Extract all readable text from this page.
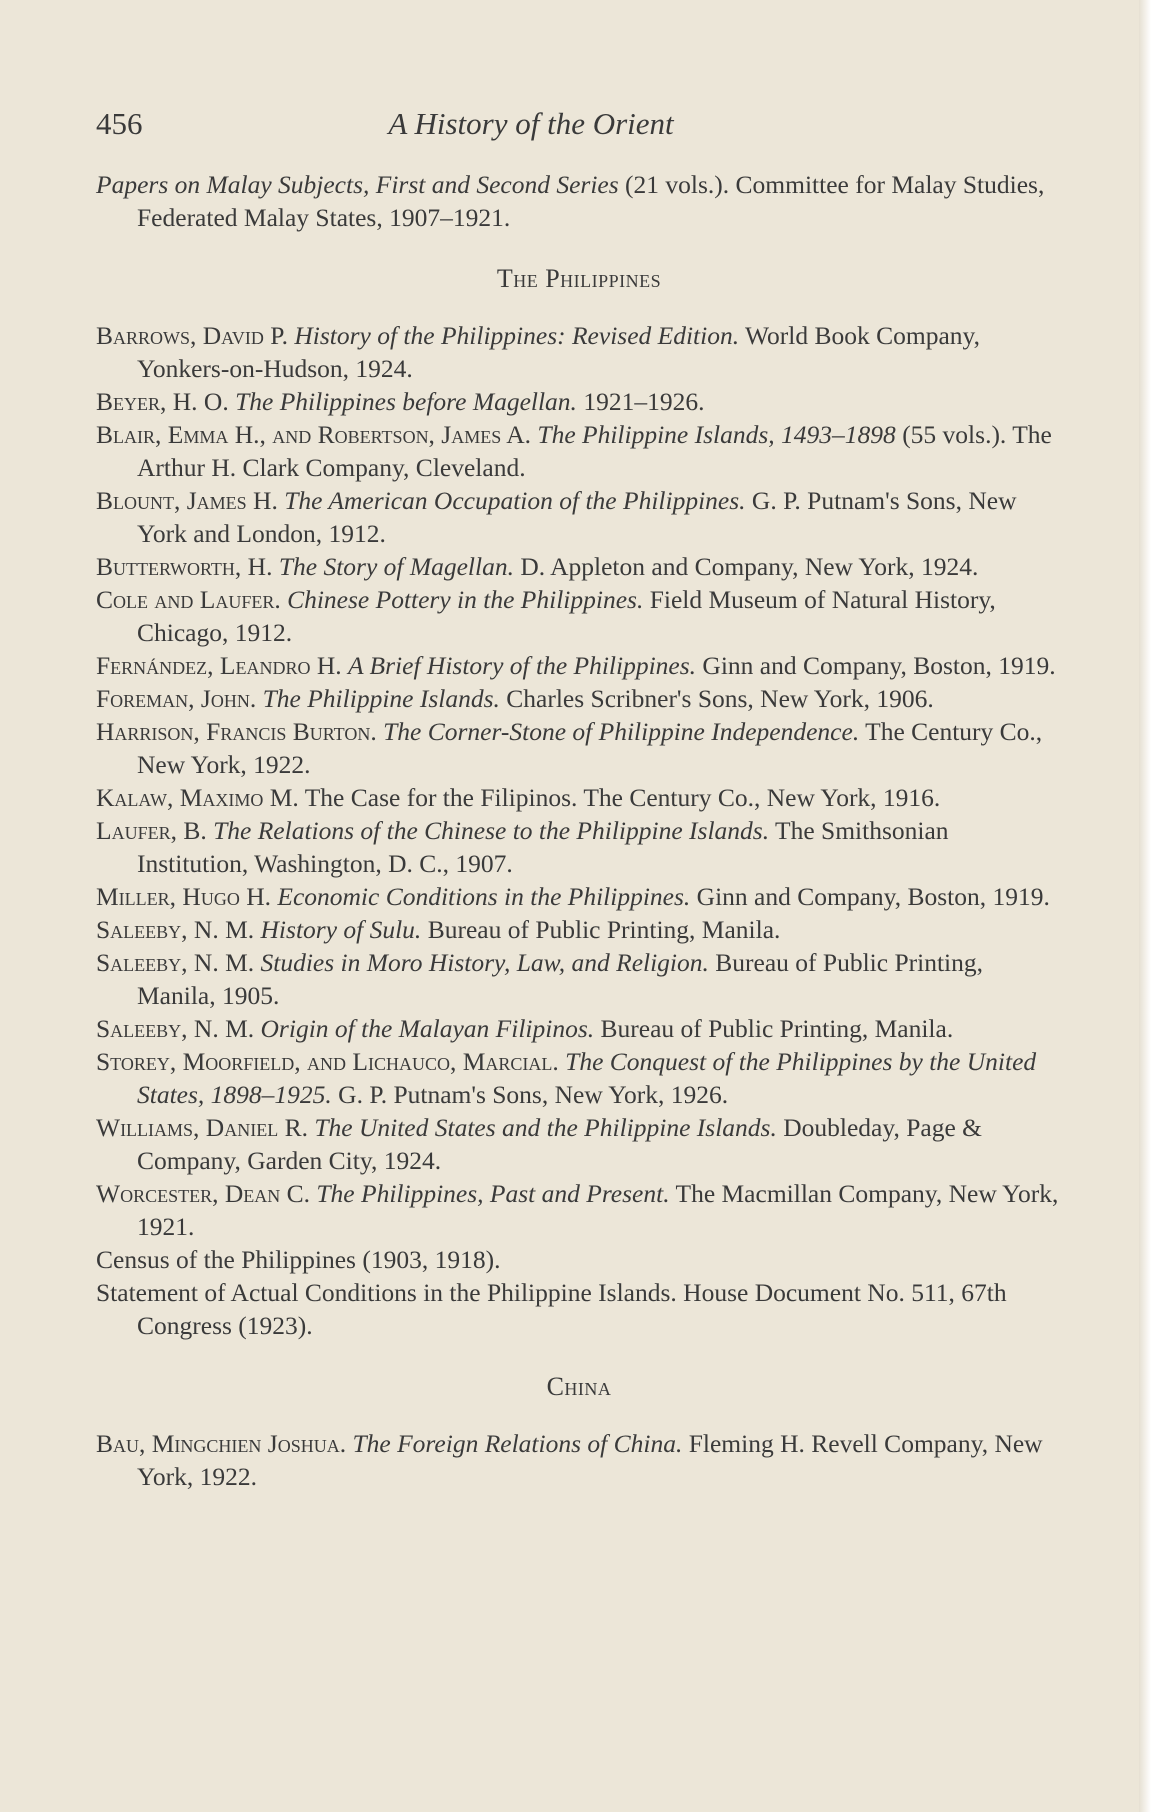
456	A History of the Orient
Papers on Malay Subjects, First and Second Series (21 vols.). Committee for Malay Studies, Federated Malay States, 1907–1921.
The Philippines
Barrows, David P. History of the Philippines: Revised Edition. World Book Company, Yonkers-on-Hudson, 1924.
Beyer, H. O. The Philippines before Magellan. 1921–1926.
Blair, Emma H., and Robertson, James A. The Philippine Islands, 1493–1898 (55 vols.). The Arthur H. Clark Company, Cleveland.
Blount, James H. The American Occupation of the Philippines. G. P. Putnam's Sons, New York and London, 1912.
Butterworth, H. The Story of Magellan. D. Appleton and Company, New York, 1924.
Cole and Laufer. Chinese Pottery in the Philippines. Field Museum of Natural History, Chicago, 1912.
Fernández, Leandro H. A Brief History of the Philippines. Ginn and Company, Boston, 1919.
Foreman, John. The Philippine Islands. Charles Scribner's Sons, New York, 1906.
Harrison, Francis Burton. The Corner-Stone of Philippine Independence. The Century Co., New York, 1922.
Kalaw, Maximo M. The Case for the Filipinos. The Century Co., New York, 1916.
Laufer, B. The Relations of the Chinese to the Philippine Islands. The Smithsonian Institution, Washington, D. C., 1907.
Miller, Hugo H. Economic Conditions in the Philippines. Ginn and Company, Boston, 1919.
Saleeby, N. M. History of Sulu. Bureau of Public Printing, Manila.
Saleeby, N. M. Studies in Moro History, Law, and Religion. Bureau of Public Printing, Manila, 1905.
Saleeby, N. M. Origin of the Malayan Filipinos. Bureau of Public Printing, Manila.
Storey, Moorfield, and Lichauco, Marcial. The Conquest of the Philippines by the United States, 1898–1925. G. P. Putnam's Sons, New York, 1926.
Williams, Daniel R. The United States and the Philippine Islands. Doubleday, Page & Company, Garden City, 1924.
Worcester, Dean C. The Philippines, Past and Present. The Macmillan Company, New York, 1921.
Census of the Philippines (1903, 1918).
Statement of Actual Conditions in the Philippine Islands. House Document No. 511, 67th Congress (1923).
China
Bau, Mingchien Joshua. The Foreign Relations of China. Fleming H. Revell Company, New York, 1922.
